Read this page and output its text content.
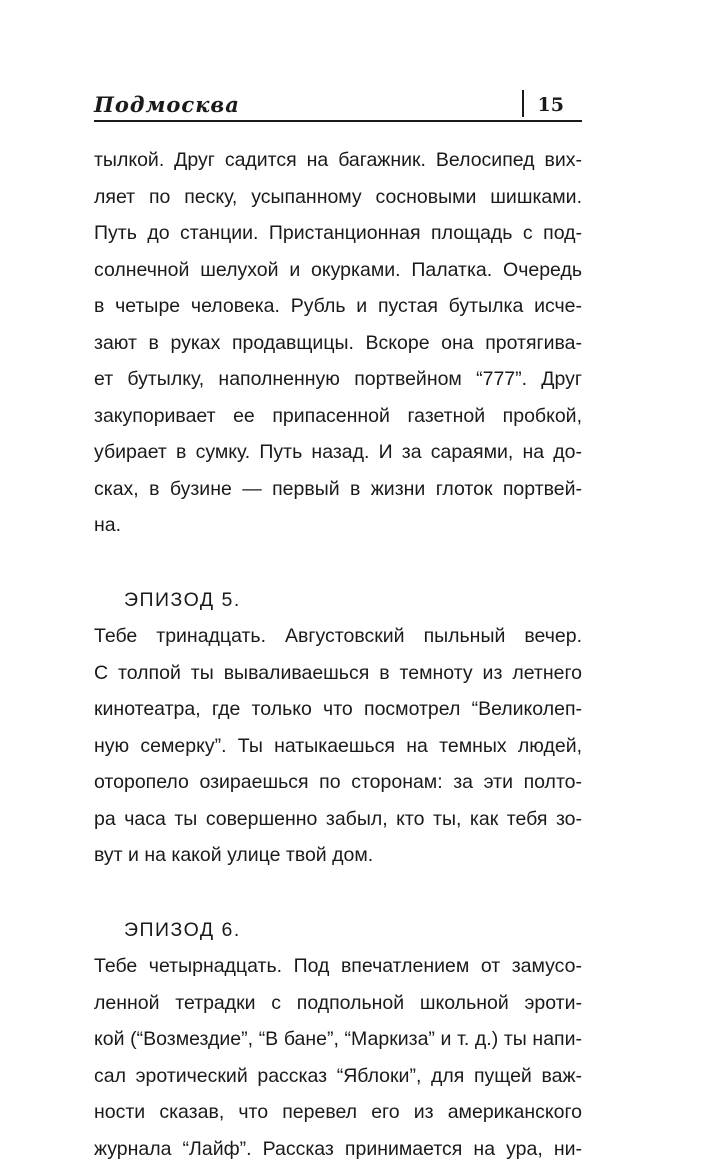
Подмосква	15
тылкой. Друг садится на багажник. Велосипед вих-
ляет по песку, усыпанному сосновыми шишками.
Путь до станции. Пристанционная площадь с под-
солнечной шелухой и окурками. Палатка. Очередь
в четыре человека. Рубль и пустая бутылка исче-
зают в руках продавщицы. Вскоре она протягива-
ет бутылку, наполненную портвейном “777”. Друг
закупоривает ее припасенной газетной пробкой,
убирает в сумку. Путь назад. И за сараями, на до-
сках, в бузине — первый в жизни глоток портвей-
на.
ЭПИЗОД 5.
Тебе тринадцать. Августовский пыльный вечер.
С толпой ты вываливаешься в темноту из летнего
кинотеатра, где только что посмотрел “Великолеп-
ную семерку”. Ты натыкаешься на темных людей,
оторопело озираешься по сторонам: за эти полто-
ра часа ты совершенно забыл, кто ты, как тебя зо-
вут и на какой улице твой дом.
ЭПИЗОД 6.
Тебе четырнадцать. Под впечатлением от замусо-
ленной тетрадки с подпольной школьной эроти-
кой (“Возмездие”, “В бане”, “Маркиза” и т. д.) ты напи-
сал эротический рассказ “Яблоки”, для пущей важ-
ности сказав, что перевел его из американского
журнала “Лайф”. Рассказ принимается на ура, ни-
